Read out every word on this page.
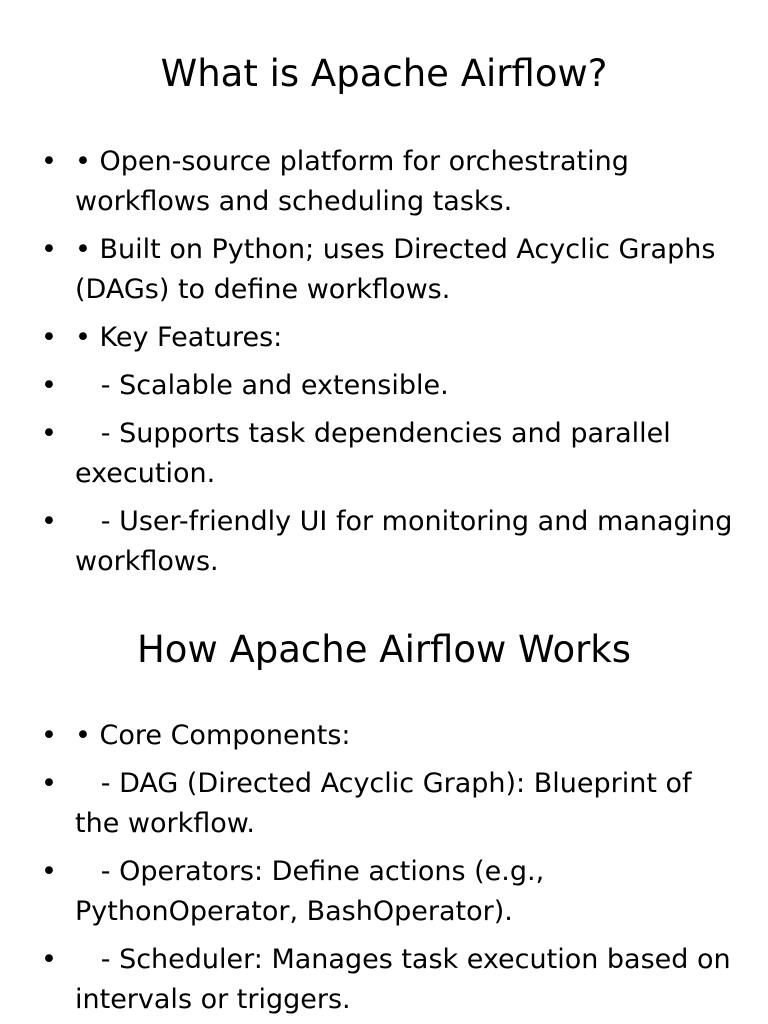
What is Apache Airflow?
• • Open-source platform for orchestrating workflows and scheduling tasks.
• • Built on Python; uses Directed Acyclic Graphs (DAGs) to define workflows.
• • Key Features:
• - Scalable and extensible.
• - Supports task dependencies and parallel execution.
• - User-friendly UI for monitoring and managing workflows.
How Apache Airflow Works
• • Core Components:
• - DAG (Directed Acyclic Graph): Blueprint of the workflow.
• - Operators: Define actions (e.g., PythonOperator, BashOperator).
• - Scheduler: Manages task execution based on intervals or triggers.
